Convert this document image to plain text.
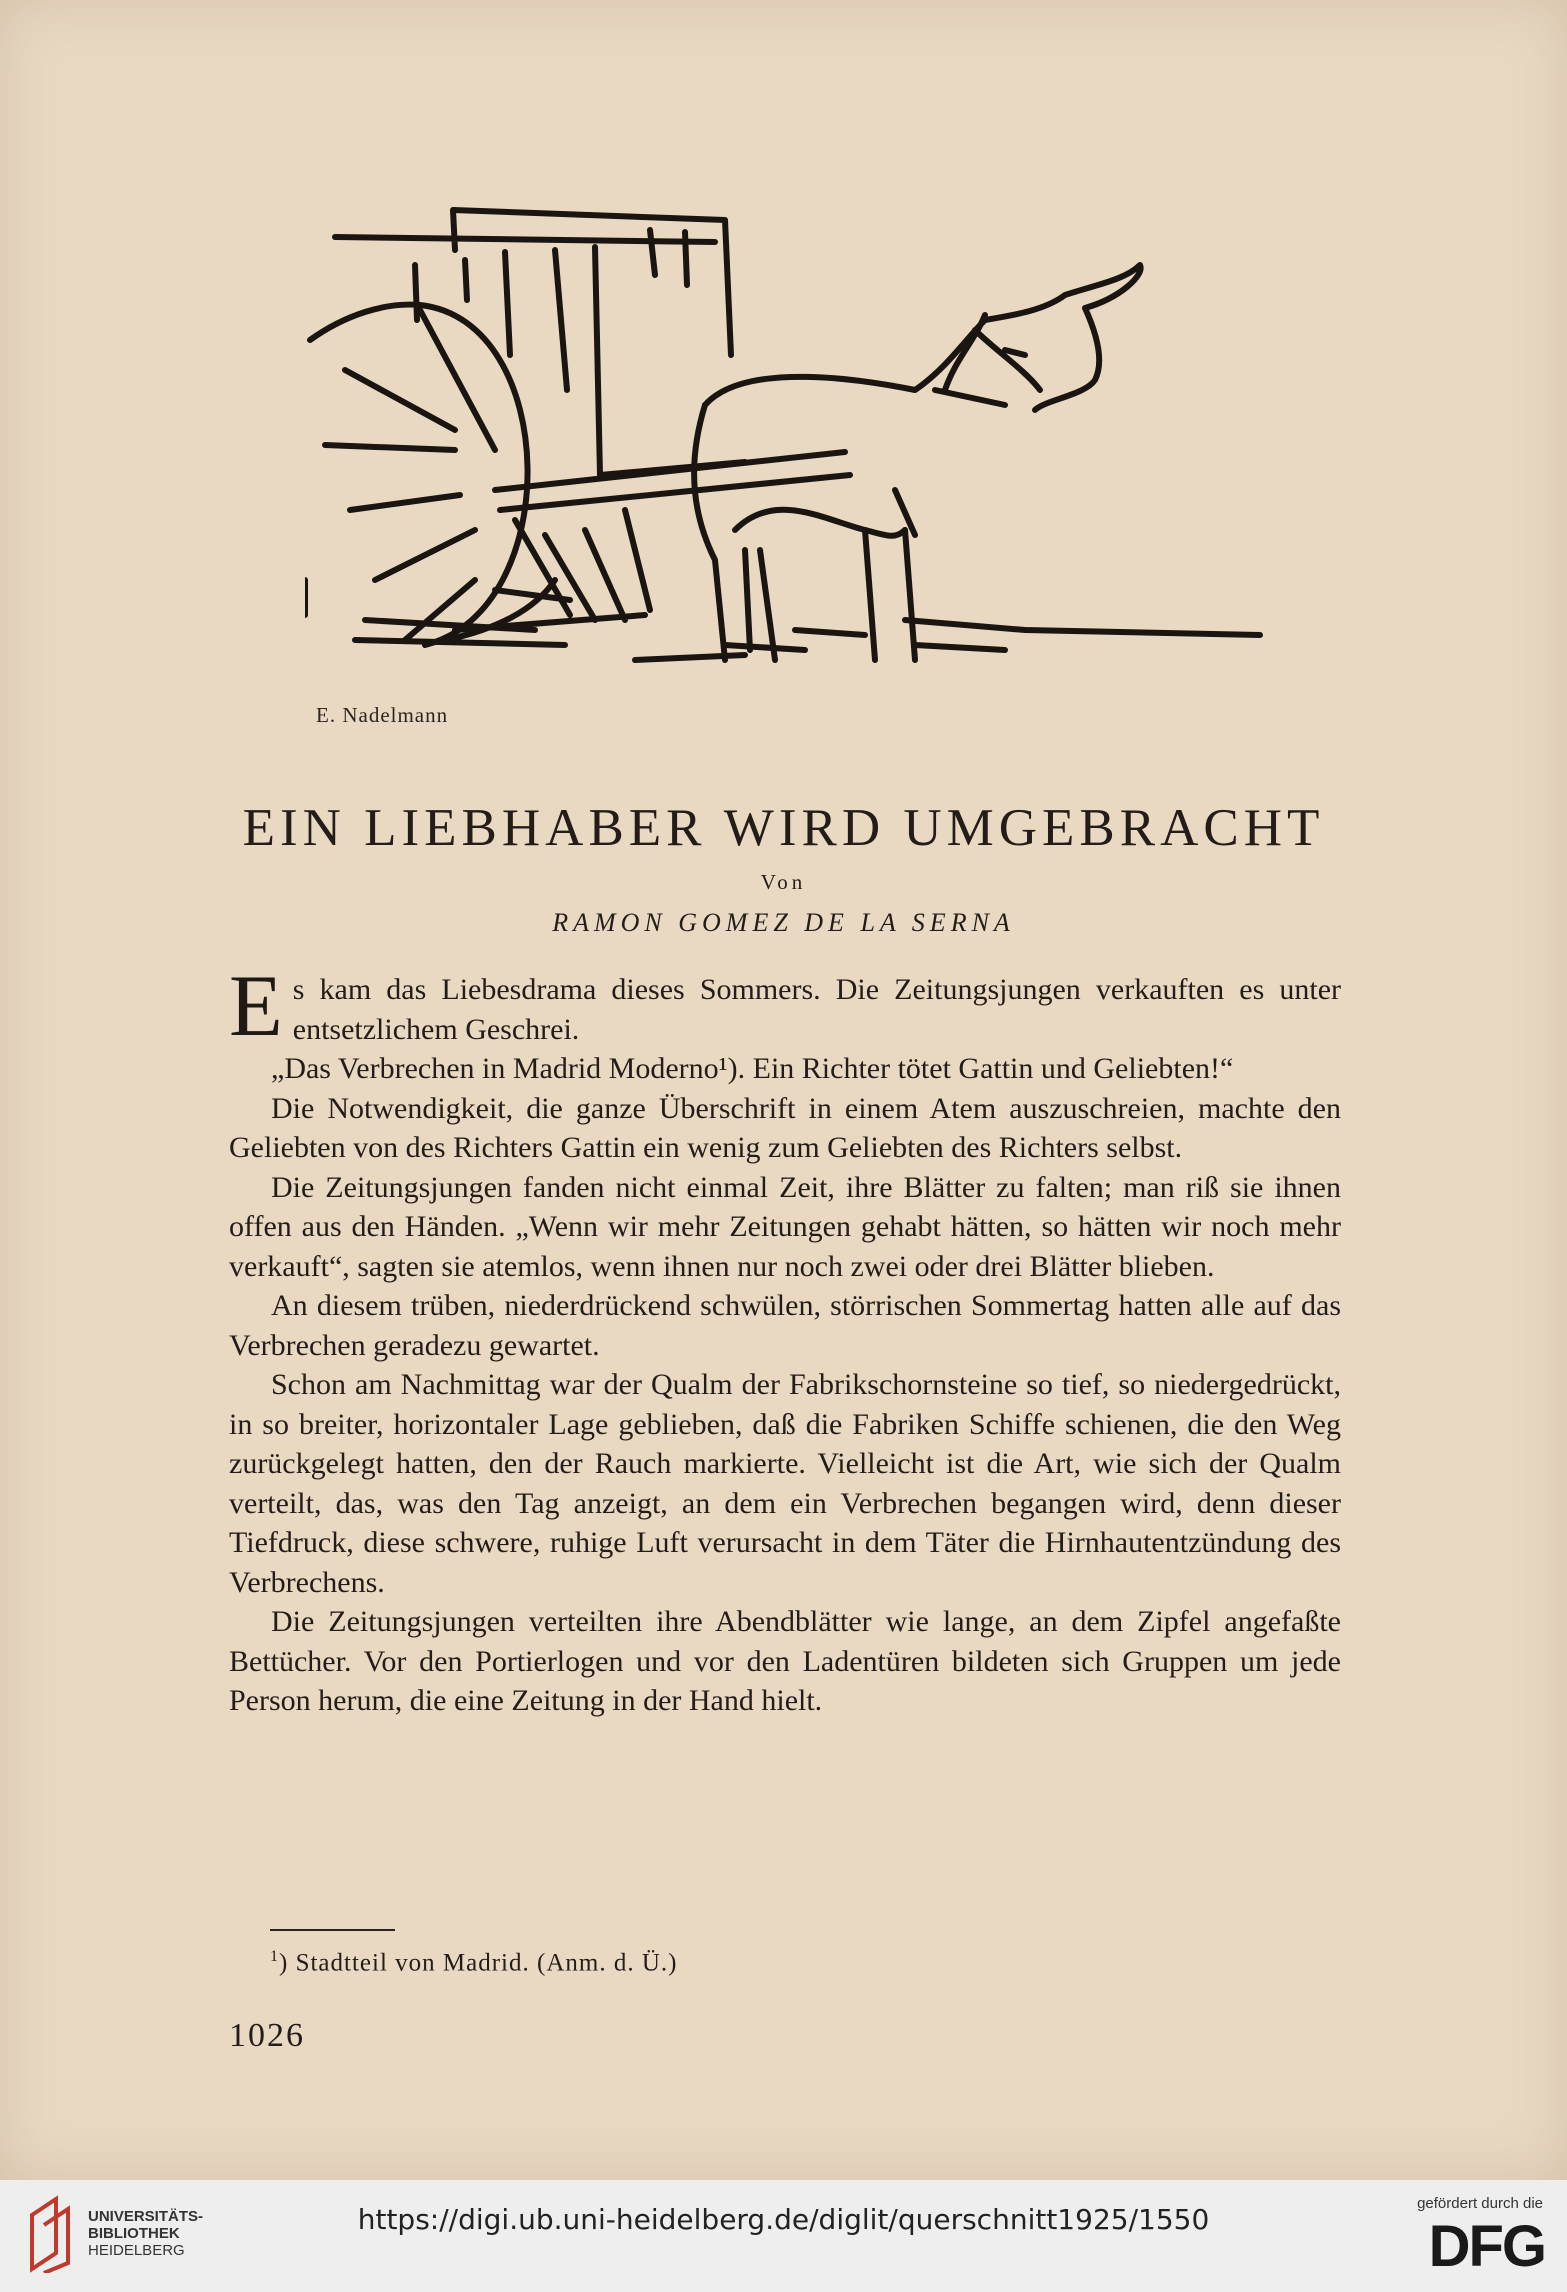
E. Nadelmann
EIN LIEBHABER WIRD UMGEBRACHT
Von
RAMON GOMEZ DE LA SERNA

Es kam das Liebesdrama dieses Sommers. Die Zeitungsjungen verkauften es unter entsetzlichem Geschrei.

„Das Verbrechen in Madrid Moderno¹). Ein Richter tötet Gattin und Geliebten!“

Die Notwendigkeit, die ganze Überschrift in einem Atem auszuschreien, machte den Geliebten von des Richters Gattin ein wenig zum Geliebten des Richters selbst.

Die Zeitungsjungen fanden nicht einmal Zeit, ihre Blätter zu falten; man riß sie ihnen offen aus den Händen. „Wenn wir mehr Zeitungen gehabt hätten, so hätten wir noch mehr verkauft“, sagten sie atemlos, wenn ihnen nur noch zwei oder drei Blätter blieben.

An diesem trüben, niederdrückend schwülen, störrischen Sommertag hatten alle auf das Verbrechen geradezu gewartet.

Schon am Nachmittag war der Qualm der Fabrikschornsteine so tief, so niedergedrückt, in so breiter, horizontaler Lage geblieben, daß die Fabriken Schiffe schienen, die den Weg zurückgelegt hatten, den der Rauch markierte. Vielleicht ist die Art, wie sich der Qualm verteilt, das, was den Tag anzeigt, an dem ein Verbrechen begangen wird, denn dieser Tiefdruck, diese schwere, ruhige Luft verursacht in dem Täter die Hirnhautentzündung des Verbrechens.

Die Zeitungsjungen verteilten ihre Abendblätter wie lange, an dem Zipfel angefaßte Bettücher. Vor den Portierlogen und vor den Ladentüren bildeten sich Gruppen um jede Person herum, die eine Zeitung in der Hand hielt.

$^1$) Stadtteil von Madrid. (Anm. d. Ü.)
1026
UNIVERSITÄTS-
BIBLIOTHEK
HEIDELBERG
https://digi.ub.uni-heidelberg.de/diglit/querschnitt1925/1550	gefördert durch die
DFG
